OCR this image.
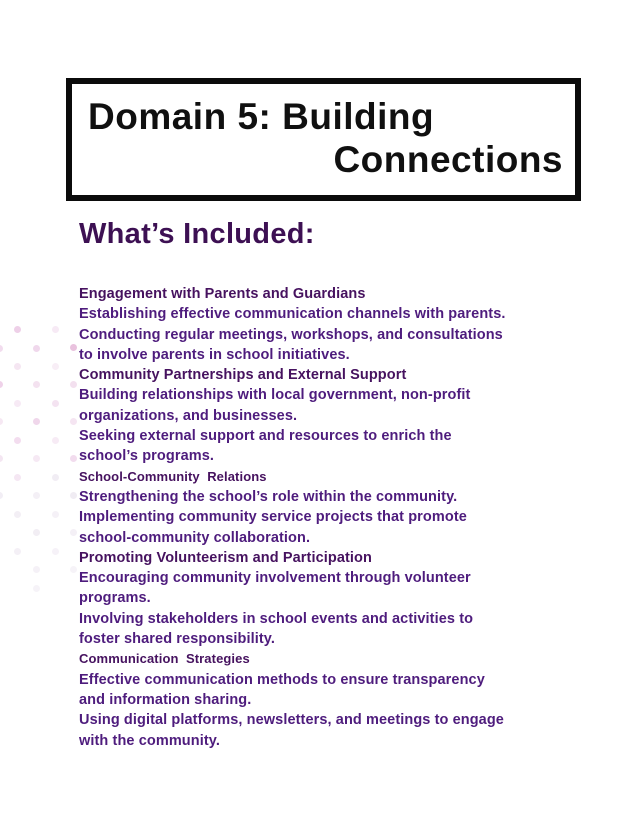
Domain 5: Building
Connections
What’s Included:
Engagement with Parents and Guardians
Establishing effective communication channels with parents.
Conducting regular meetings, workshops, and consultations
to involve parents in school initiatives.
Community Partnerships and External Support
Building relationships with local government, non-profit
organizations, and businesses.
Seeking external support and resources to enrich the
school’s programs.
School-Community  Relations
Strengthening the school’s role within the community.
Implementing community service projects that promote
school-community collaboration.
Promoting Volunteerism and Participation
Encouraging community involvement through volunteer
programs.
Involving stakeholders in school events and activities to
foster shared responsibility.
Communication  Strategies
Effective communication methods to ensure transparency
and information sharing.
Using digital platforms, newsletters, and meetings to engage
with the community.
